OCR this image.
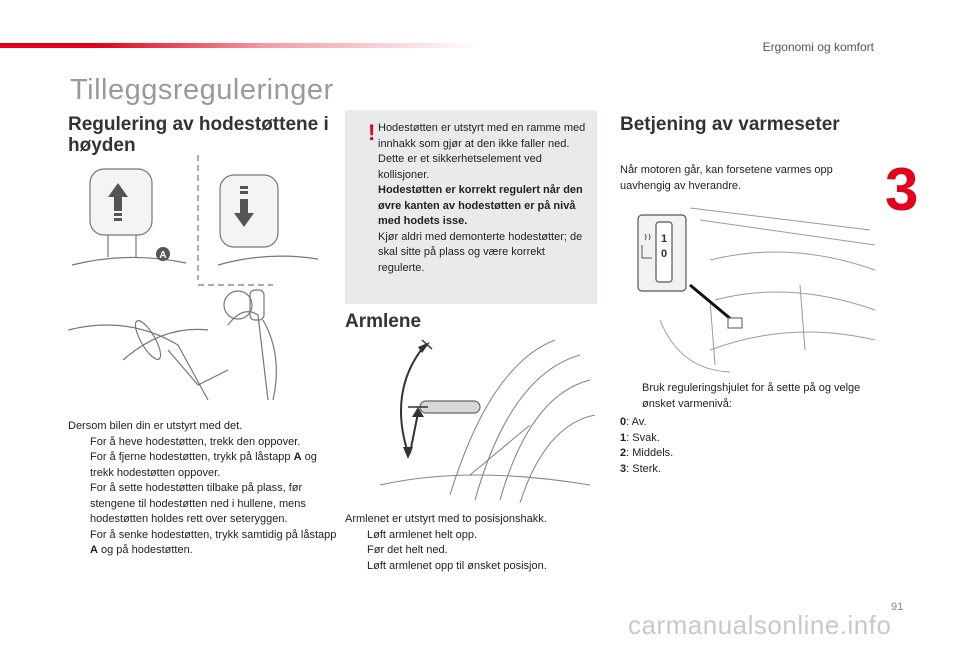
Ergonomi og komfort
3
Tilleggsreguleringer
Regulering av hodestøttene i høyden
A
Dersom bilen din er utstyrt med det.
For å heve hodestøtten, trekk den oppover.
For å fjerne hodestøtten, trykk på låstapp A og trekk hodestøtten oppover.
For å sette hodestøtten tilbake på plass, før stengene til hodestøtten ned i hullene, mens hodestøtten holdes rett over seteryggen.
For å senke hodestøtten, trykk samtidig på låstapp A og på hodestøtten.
! Hodestøtten er utstyrt med en ramme med innhakk som gjør at den ikke faller ned. Dette er et sikkerhetselement ved kollisjoner.
Hodestøtten er korrekt regulert når den øvre kanten av hodestøtten er på nivå med hodets isse.
Kjør aldri med demonterte hodestøtter; de skal sitte på plass og være korrekt regulerte.
Armlene
Armlenet er utstyrt med to posisjonshakk.
Løft armlenet helt opp.
Før det helt ned.
Løft armlenet opp til ønsket posisjon.
Betjening av varmeseter
Når motoren går, kan forsetene varmes opp uavhengig av hverandre.
1
0
Bruk reguleringshjulet for å sette på og velge ønsket varmenivå:
0: Av.
1: Svak.
2: Middels.
3: Sterk.
91
carmanualsonline.info
